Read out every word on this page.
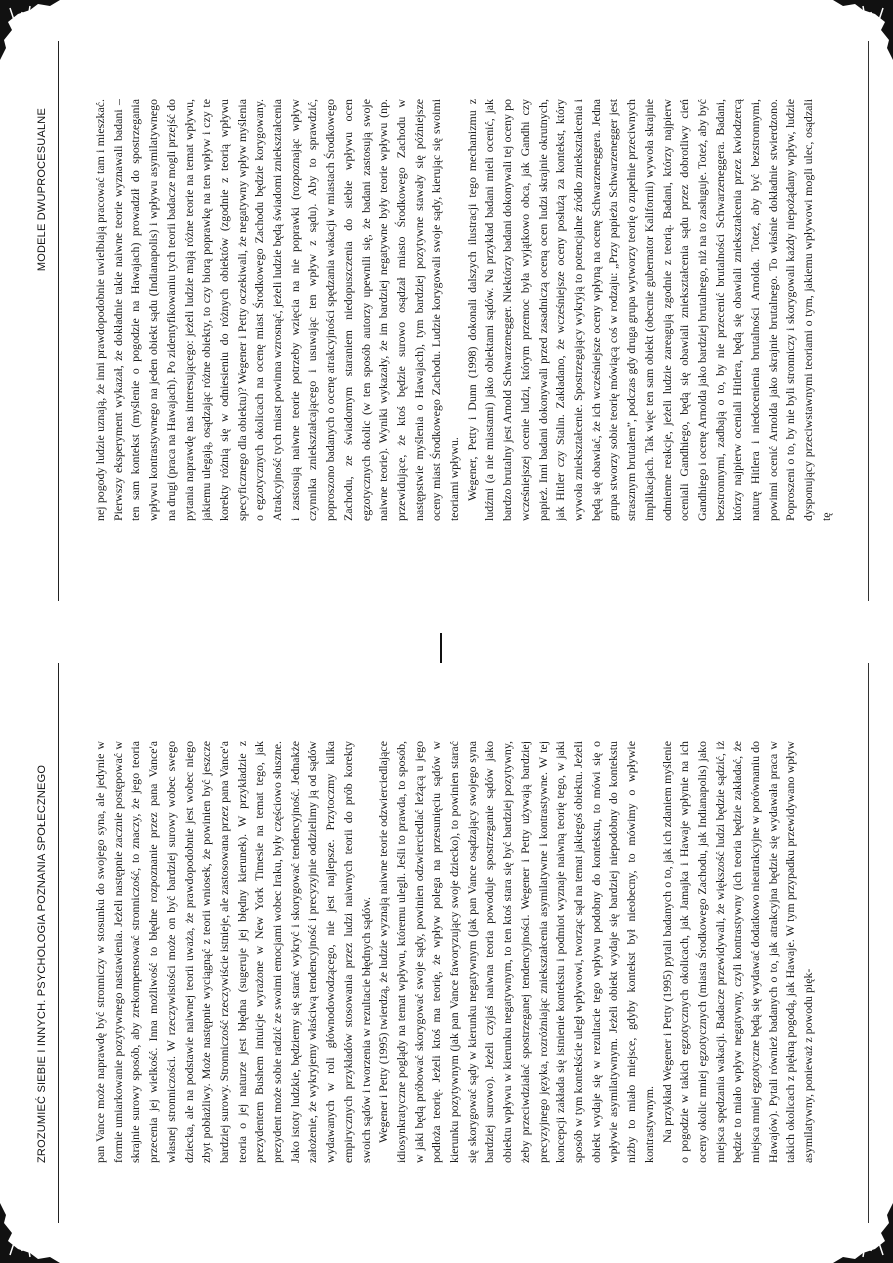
ZROZUMIEĆ SIEBIE I INNYCH. PSYCHOLOGIA POZNANIA SPOŁECZNEGO	pan Vance może naprawdę być stronniczy w stosunku do swojego syna, ale jedynie w formie umiarkowanie pozytywnego nastawienia. Jeżeli następnie zacznie postępować w skrajnie surowy sposób, aby zrekompensować stronniczość, to znaczy, że jego teoria przecenia jej wielkość. Inna możliwość to błędne rozpoznanie przez pana Vance'a własnej stronniczości. W rzeczywistości może on być bardziej surowy wobec swego dziecka, ale na podstawie naiwnej teorii uważa, że prawdopodobnie jest wobec niego zbyt pobłażliwy. Może następnie wyciągnąć z teorii wniosek, że powinien być jeszcze bardziej surowy. Stronniczość rzeczywiście istnieje, ale zastosowana przez pana Vance'a teoria o jej naturze jest błędna (sugeruje jej błędny kierunek). W przykładzie z prezydentem Bushem intuicje wyrażone w New York Timesie na temat tego, jak prezydent może sobie radzić ze swoimi emocjami wobec Iraku, były częściowo słuszne. Jako istoty ludzkie, będziemy się starać wykryć i skorygować tendencyjność. Jednakże założenie, że wykryjemy właściwą tendencyjność i precyzyjnie oddzielimy ją od sądów wydawanych w roli głównodowodzącego, nie jest najlepsze. Przytoczmy kilka empirycznych przykładów stosowania przez ludzi naiwnych teorii do prób korekty swoich sądów i tworzenia w rezultacie błędnych sądów. Wegener i Petty (1995) twierdzą, że ludzie wyznają naiwne teorie odzwierciedlające idiosynkratyczne poglądy na temat wpływu, któremu ulegli. Jeśli to prawda, to sposób, w jaki będą próbować skorygować swoje sądy, powinien odzwierciedlać leżącą u jego podłoża teorię. Jeżeli ktoś ma teorię, że wpływ polega na przesunięciu sądów w kierunku pozytywnym (jak pan Vance faworyzujący swoje dziecko), to powinien starać się skorygować sądy w kierunku negatywnym (jak pan Vance osądzający swojego syna bardziej surowo). Jeżeli czyjaś naiwna teoria powoduje spostrzeganie sądów jako obiektu wpływu w kierunku negatywnym, to ten ktoś stara się być bardziej pozytywny, żeby przeciwdziałać spostrzeganej tendencyjności. Wegener i Petty używają bardziej precyzyjnego języka, rozróżniając zniekształcenia asymilatywne i kontrastywne. W tej koncepcji zakłada się istnienie kontekstu i podmiot wyznaje naiwną teorię tego, w jaki sposób w tym kontekście uległ wpływowi, tworząc sąd na temat jakiegoś obiektu. Jeżeli obiekt wydaje się w rezultacie tego wpływu podobny do kontekstu, to mówi się o wpływie asymilatywnym. Jeżeli obiekt wydaje się bardziej niepodobny do kontekstu niżby to miało miejsce, gdyby kontekst był nieobecny, to mówimy o wpływie kontrastywnym. Na przykład Wegener i Petty (1995) pytali badanych o to, jak ich zdaniem myślenie o pogodzie w takich egzotycznych okolicach, jak Jamajka i Hawaje wpłynie na ich oceny okolic mniej egzotycznych (miasta Środkowego Zachodu, jak Indianapolis) jako miejsca spędzania wakacji. Badacze przewidywali, że większość ludzi będzie sądzić, iż będzie to miało wpływ negatywny, czyli kontrastywny (ich teoria będzie zakładać, że miejsca mniej egzotyczne będą się wydawać dodatkowo nieatrakcyjne w porównaniu do Hawajów). Pytali również badanych o to, jak atrakcyjna będzie się wydawała praca w takich okolicach z piękną pogodą, jak Hawaje. W tym przypadku przewidywano wpływ asymilatywny, ponieważ z powodu pięk-

MODELE DWUPROCESUALNE	nej pogody ludzie uznają, że inni prawdopodobnie uwielbiają pracować tam i mieszkać. Pierwszy eksperyment wykazał, że dokładnie takie naiwne teorie wyznawali badani – ten sam kontekst (myślenie o pogodzie na Hawajach) prowadził do spostrzegania wpływu kontrastywnego na jeden obiekt sądu (Indianapolis) i wpływu asymilatywnego na drugi (praca na Hawajach). Po zidentyfikowaniu tych teorii badacze mogli przejść do pytania naprawdę nas interesującego: jeżeli ludzie mają różne teorie na temat wpływu, jakiemu ulegają, osądzając różne obiekty, to czy biorą poprawkę na ten wpływ i czy te korekty różnią się w odniesieniu do różnych obiektów (zgodnie z teorią wpływu specyficznego dla obiektu)? Wegener i Petty oczekiwali, że negatywny wpływ myślenia o egzotycznych okolicach na ocenę miast Środkowego Zachodu będzie korygowany. Atrakcyjność tych miast powinna wzrosnąć, jeżeli ludzie będą świadomi zniekształcenia i zastosują naiwne teorie potrzeby wzięcia na nie poprawki (rozpoznając wpływ czynnika zniekształcającego i usuwając ten wpływ z sądu). Aby to sprawdzić, poproszono badanych o ocenę atrakcyjności spędzania wakacji w miastach Środkowego Zachodu, ze świadomym staraniem niedopuszczenia do siebie wpływu ocen egzotycznych okolic (w ten sposób autorzy upewnili się, że badani zastosują swoje naiwne teorie). Wyniki wykazały, że im bardziej negatywne były teorie wpływu (np. przewidujące, że ktoś będzie surowo osądzał miasto Środkowego Zachodu w następstwie myślenia o Hawajach), tym bardziej pozytywne stawały się późniejsze oceny miast Środkowego Zachodu. Ludzie korygowali swoje sądy, kierując się swoimi teoriami wpływu. Wegener, Petty i Dunn (1998) dokonali dalszych ilustracji tego mechanizmu z ludźmi (a nie miastami) jako obiektami sądów. Na przykład badani mieli ocenić, jak bardzo brutalny jest Arnold Schwarzenegger. Niektórzy badani dokonywali tej oceny po wcześniejszej ocenie ludzi, którym przemoc była wyjątkowo obca, jak Gandhi czy papież. Inni badani dokonywali przed zasadniczą oceną ocen ludzi skrajnie okrutnych, jak Hitler czy Stalin. Zakładano, że wcześniejsze oceny posłużą za kontekst, który wywoła zniekształcenie. Spostrzegający wykryją to potencjalne źródło zniekształcenia i będą się obawiać, że ich wcześniejsze oceny wpłyną na ocenę Schwarzeneggera. Jedna grupa stworzy sobie teorię mówiącą coś w rodzaju: „Przy papieżu Schwarzenegger jest strasznym brutalem”, podczas gdy druga grupa wytworzy teorię o zupełnie przeciwnych implikacjach. Tak więc ten sam obiekt (obecnie gubernator Kalifornii) wywoła skrajnie odmienne reakcje, jeżeli ludzie zareagują zgodnie z teorią. Badani, którzy najpierw oceniali Gandhiego, będą się obawiali zniekształcenia sądu przez dobrotliwy cień Gandhiego i ocenę Arnolda jako bardziej brutalnego, niż na to zasługuje. Toteż, aby być bezstronnymi, zadbają o to, by nie przecenić brutalności Schwarzeneggera. Badani, którzy najpierw oceniali Hitlera, będą się obawiali zniekształcenia przez kwiodzercą naturę Hitlera i niedocenienia brutalności Arnolda. Toteż, aby być bezstronnymi, powinni ocenić Arnolda jako skrajnie brutalnego. To właśnie dokładnie stwierdzono. Poproszeni o to, by nie byli stronniczy i skorygowali każdy niepożądany wpływ, ludzie dysponujący przeciwstawnymi teoriami o tym, jakiemu wpływowi mogli ulec, osądzali tę
